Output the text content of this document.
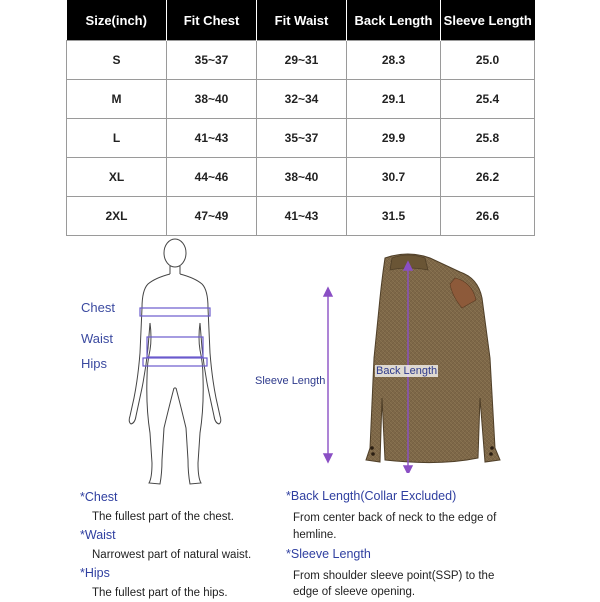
Size(inch)	Fit Chest	Fit Waist	Back Length	Sleeve Length
S	35~37	29~31	28.3	25.0
M	38~40	32~34	29.1	25.4
L	41~43	35~37	29.9	25.8
XL	44~46	38~40	30.7	26.2
2XL	47~49	41~43	31.5	26.6
Chest
Waist
Hips
Sleeve Length
Back Length
*Chest
The fullest part of the chest.
*Waist
Narrowest part of natural waist.
*Hips
The fullest part of the hips.
*Back Length(Collar Excluded)
From center back of neck to the edge of
hemline.
*Sleeve Length
From shoulder sleeve point(SSP) to the
edge of sleeve opening.
